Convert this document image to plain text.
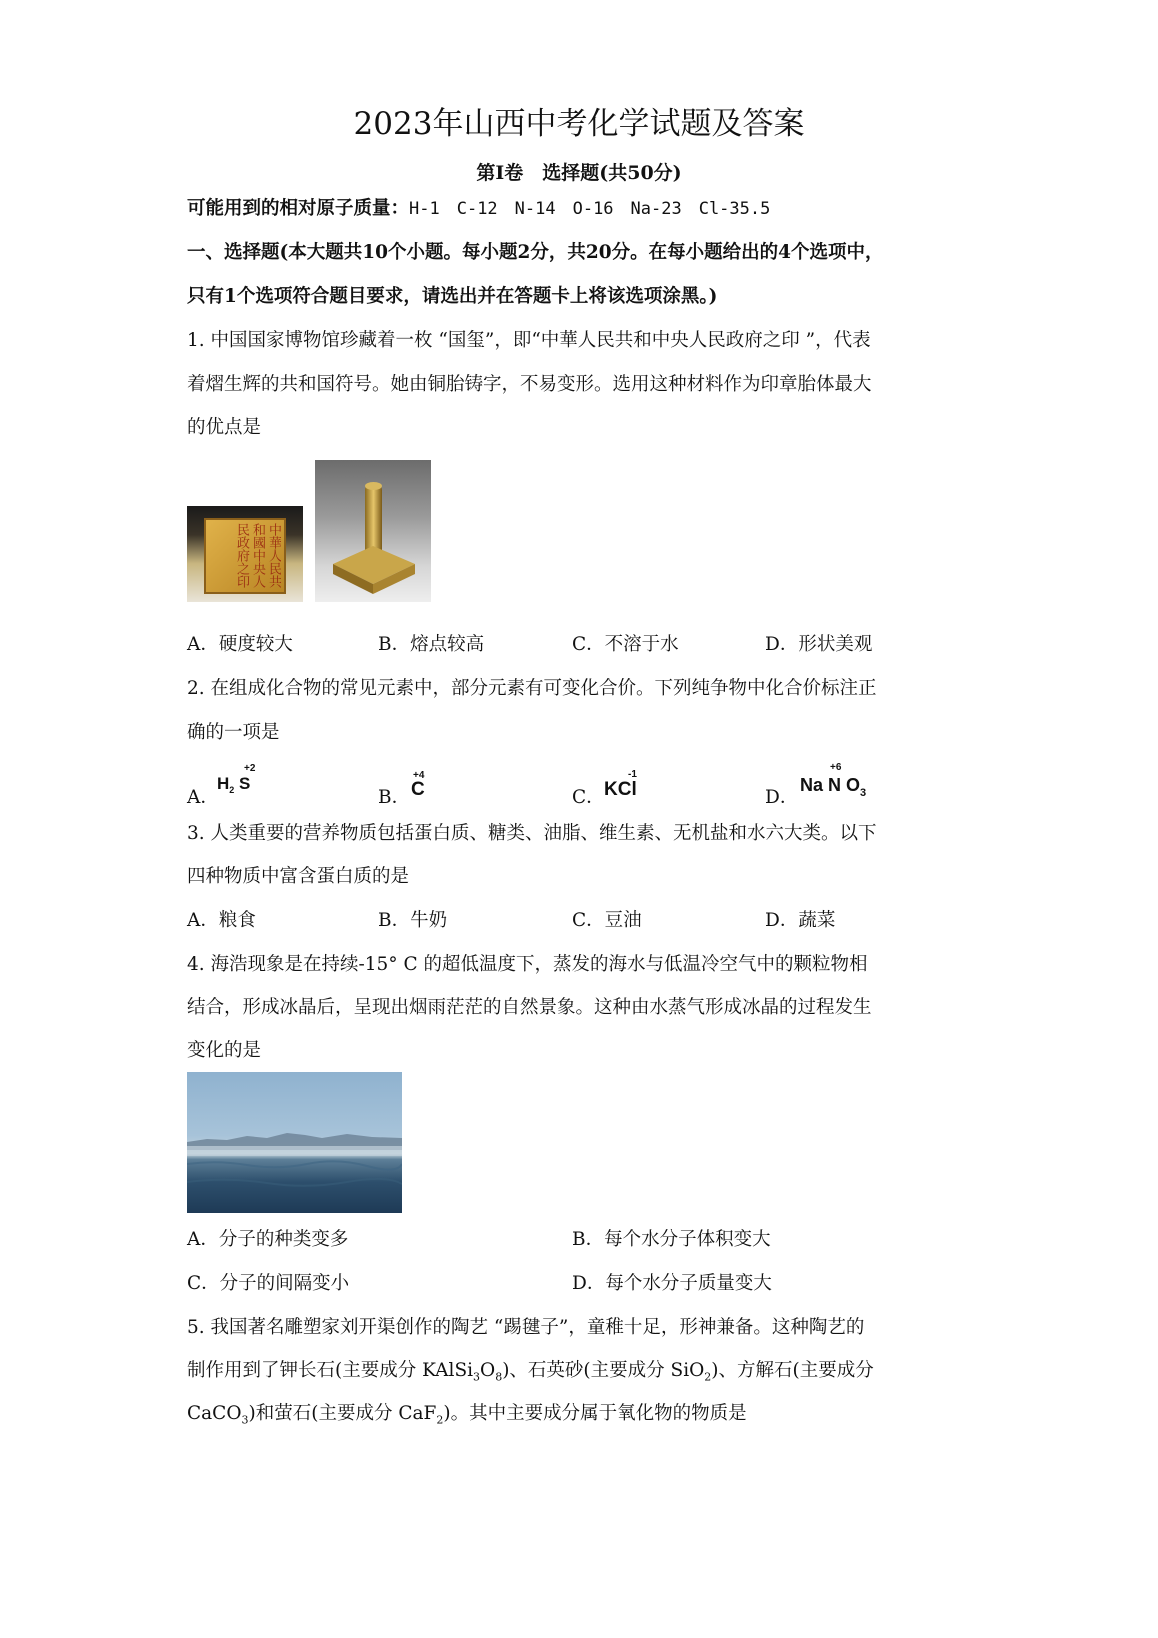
2023年山西中考化学试题及答案
第Ⅰ卷　选择题(共50分)
可能用到的相对原子质量：H-1　C-12　N-14　O-16　Na-23　Cl-35.5
一、选择题(本大题共10个小题。每小题2分，共20分。在每小题给出的4个选项中，
只有1个选项符合题目要求，请选出并在答题卡上将该选项涂黑。)
1. 中国国家博物馆珍藏着一枚 “国玺”，即“中華人民共和中央人民政府之印 ”，代表
着熠生辉的共和国符号。她由铜胎铸字，不易变形。选用这种材料作为印章胎体最大
的优点是
中華人民共和國中央人民政府之印
A．硬度较大	B．熔点较高	C．不溶于水	D．形状美观
2. 在组成化合物的常见元素中，部分元素有可变化合价。下列纯争物中化合价标注正
确的一项是
A．
+2
$H_2$ S
B．
+4
C	C．
-1
KCl	D．
+6
Na N $O_3$
3. 人类重要的营养物质包括蛋白质、糖类、油脂、维生素、无机盐和水六大类。以下
四种物质中富含蛋白质的是
A．粮食	B．牛奶	C．豆油	D．蔬菜
4. 海浩现象是在持续-15° C 的超低温度下，蒸发的海水与低温冷空气中的颗粒物相
结合，形成冰晶后，呈现出烟雨茫茫的自然景象。这种由水蒸气形成冰晶的过程发生
变化的是
A．分子的种类变多	B．每个水分子体积变大
C．分子的间隔变小	D．每个水分子质量变大
5. 我国著名雕塑家刘开渠创作的陶艺 “踢毽子”，童稚十足，形神兼备。这种陶艺的
制作用到了钾长石(主要成分 $KAlSi_3O_8$)、石英砂(主要成分 SiO$_2$)、方解石(主要成分
CaCO$_3$)和萤石(主要成分 CaF$_2$)。其中主要成分属于氧化物的物质是
